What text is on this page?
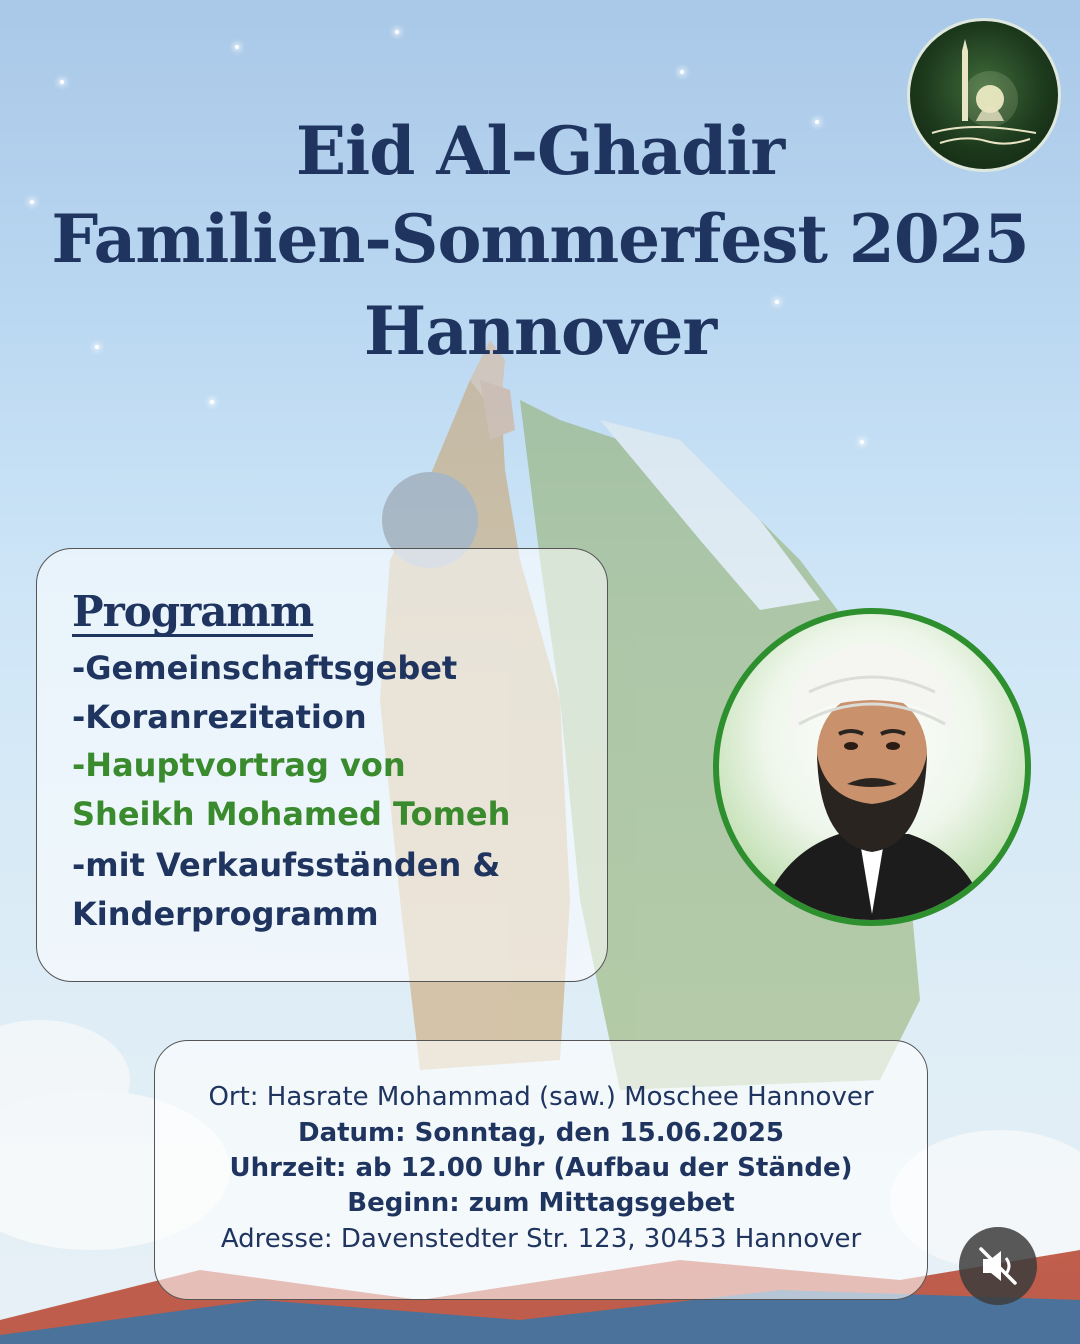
Eid Al-Ghadir
Familien-Sommerfest 2025
Hannover
Programm

-Gemeinschaftsgebet

-Koranrezitation

-Hauptvortrag von

Sheikh Mohamed Tomeh

-mit Verkaufsständen &

Kinderprogramm

Ort: Hasrate Mohammad (saw.) Moschee Hannover

Datum: Sonntag, den 15.06.2025

Uhrzeit: ab 12.00 Uhr (Aufbau der Stände)

Beginn: zum Mittagsgebet

Adresse: Davenstedter Str. 123, 30453 Hannover
